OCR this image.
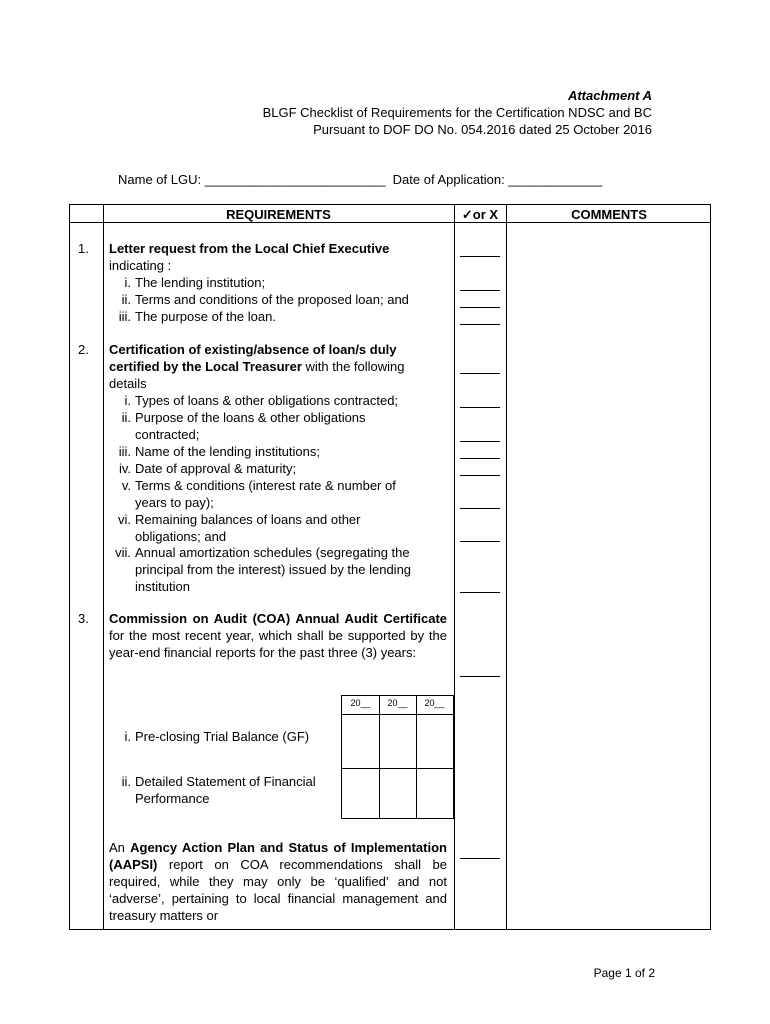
Attachment A
BLGF Checklist of Requirements for the Certification NDSC and BC
Pursuant to DOF DO No. 054.2016 dated 25 October 2016
Name of LGU: _________________________  Date of Application: _____________
REQUIREMENTS	✓or X	COMMENTS
1. Letter request from the Local Chief Executive
indicating :
i. The lending institution;
ii. Terms and conditions of the proposed loan; and
iii. The purpose of the loan.
2. Certification of existing/absence of loan/s duly
certified by the Local Treasurer with the following
details
i. Types of loans & other obligations contracted;
ii. Purpose of the loans & other obligations
contracted;
iii. Name of the lending institutions;
iv. Date of approval & maturity;
v. Terms & conditions (interest rate & number of
years to pay);
vi. Remaining balances of loans and other
obligations; and
vii. Annual amortization schedules (segregating the
principal from the interest) issued by the lending
institution
3. Commission on Audit (COA) Annual Audit Certificate for the most recent year, which shall be supported by the year-end financial reports for the past three (3) years:
20__	20__	20__
i. Pre-closing Trial Balance (GF)
ii. Detailed Statement of Financial
Performance
An Agency Action Plan and Status of Implementation (AAPSI) report on COA recommendations shall be required, while they may only be ‘qualified’ and not ‘adverse’, pertaining to local financial management and treasury matters or
Page 1 of 2
